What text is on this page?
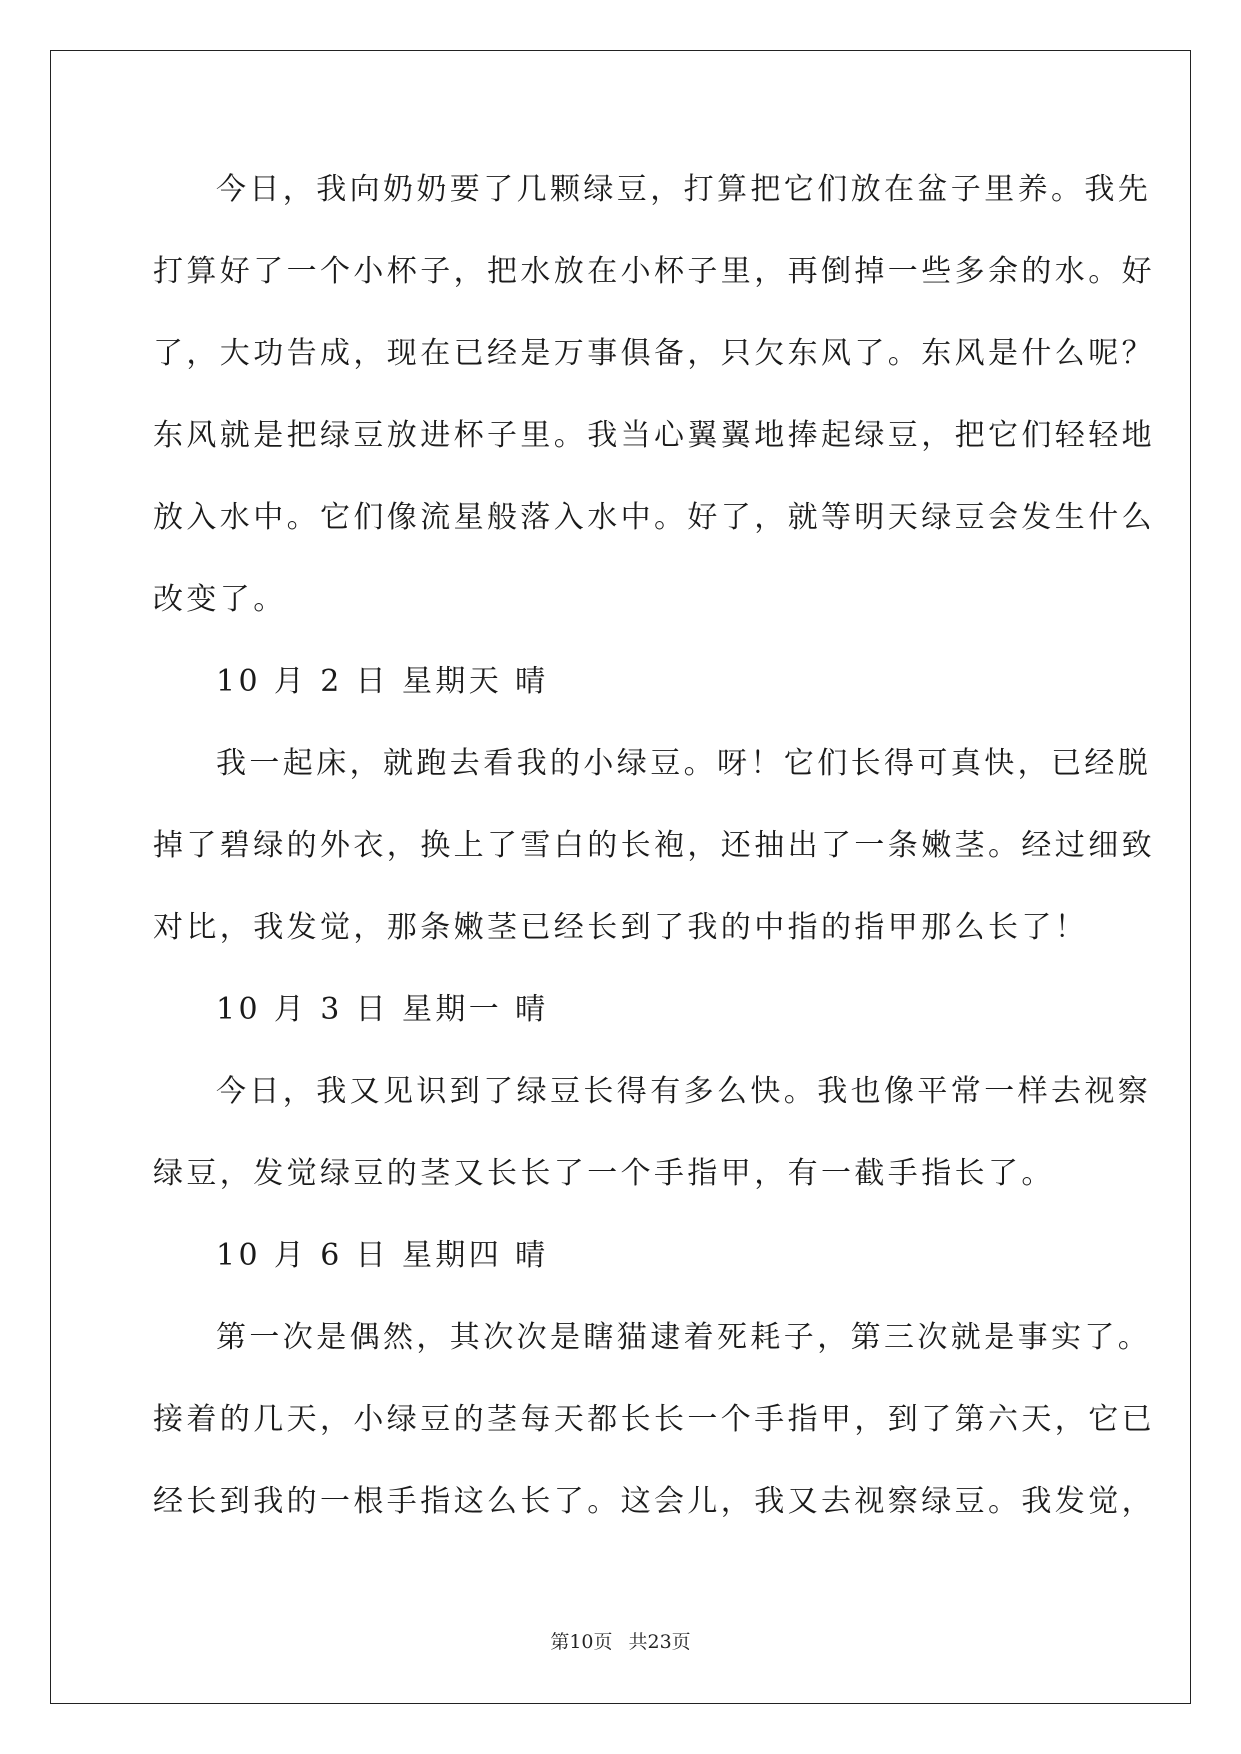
今日，我向奶奶要了几颗绿豆，打算把它们放在盆子里养。我先
打算好了一个小杯子，把水放在小杯子里，再倒掉一些多余的水。好
了，大功告成，现在已经是万事俱备，只欠东风了。东风是什么呢？
东风就是把绿豆放进杯子里。我当心翼翼地捧起绿豆，把它们轻轻地
放入水中。它们像流星般落入水中。好了，就等明天绿豆会发生什么
改变了。
10 月 2 日 星期天 晴
我一起床，就跑去看我的小绿豆。呀！它们长得可真快，已经脱
掉了碧绿的外衣，换上了雪白的长袍，还抽出了一条嫩茎。经过细致
对比，我发觉，那条嫩茎已经长到了我的中指的指甲那么长了！
10 月 3 日 星期一 晴
今日，我又见识到了绿豆长得有多么快。我也像平常一样去视察
绿豆，发觉绿豆的茎又长长了一个手指甲，有一截手指长了。
10 月 6 日 星期四 晴
第一次是偶然，其次次是瞎猫逮着死耗子，第三次就是事实了。
接着的几天，小绿豆的茎每天都长长一个手指甲，到了第六天，它已
经长到我的一根手指这么长了。这会儿，我又去视察绿豆。我发觉，
第10页 共23页
